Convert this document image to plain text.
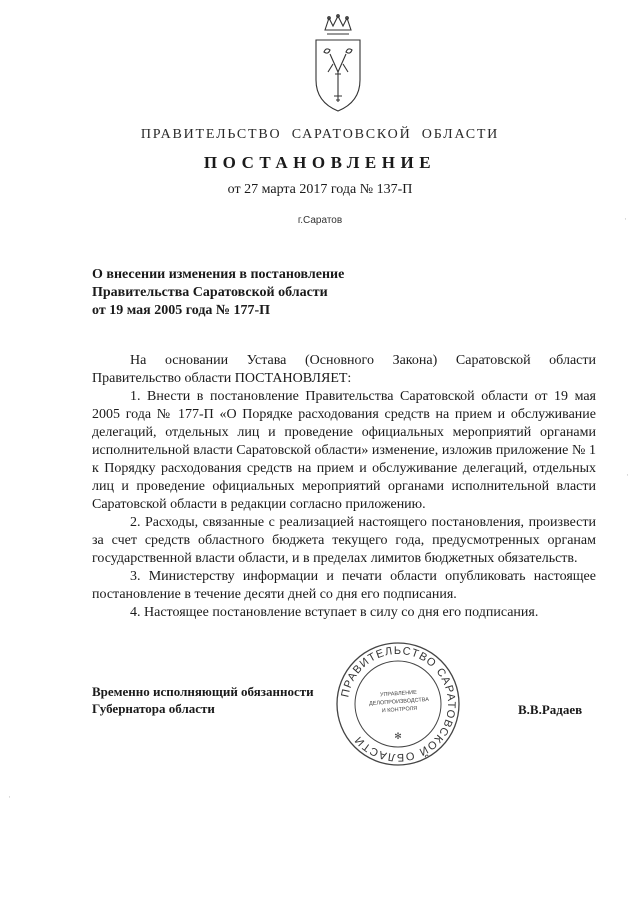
ПРАВИТЕЛЬСТВО САРАТОВСКОЙ ОБЛАСТИ
ПОСТАНОВЛЕНИЕ
от 27 марта 2017 года № 137-П
г.Саратов
О внесении изменения в постановление
Правительства Саратовской области
от 19 мая 2005 года № 177-П

На основании Устава (Основного Закона) Саратовской области

Правительство области ПОСТАНОВЛЯЕТ:

1. Внести в постановление Правительства Саратовской области от 19 мая 2005 года № 177-П «О Порядке расходования средств на прием и обслуживание делегаций, отдельных лиц и проведение официальных мероприятий органами исполнительной власти Саратовской области» изменение, изложив приложение № 1 к Порядку расходования средств на прием и обслуживание делегаций, отдельных лиц и проведение официальных мероприятий органами исполнительной власти Саратовской области в редакции согласно приложению.

2. Расходы, связанные с реализацией настоящего постановления, произвести за счет средств областного бюджета текущего года, предусмотренных органам государственной власти области, и в пределах лимитов бюджетных обязательств.

3. Министерству информации и печати области опубликовать настоящее постановление в течение десяти дней со дня его подписания.

4. Настоящее постановление вступает в силу со дня его подписания.

ПРАВИТЕЛЬСТВО САРАТОВСКОЙ ОБЛАСТИ	✻
УПРАВЛЕНИЕ
ДЕЛОПРОИЗВОДСТВА
И КОНТРОЛЯ
Временно исполняющий обязанности
Губернатора области	В.В.Радаев
·
·
·
